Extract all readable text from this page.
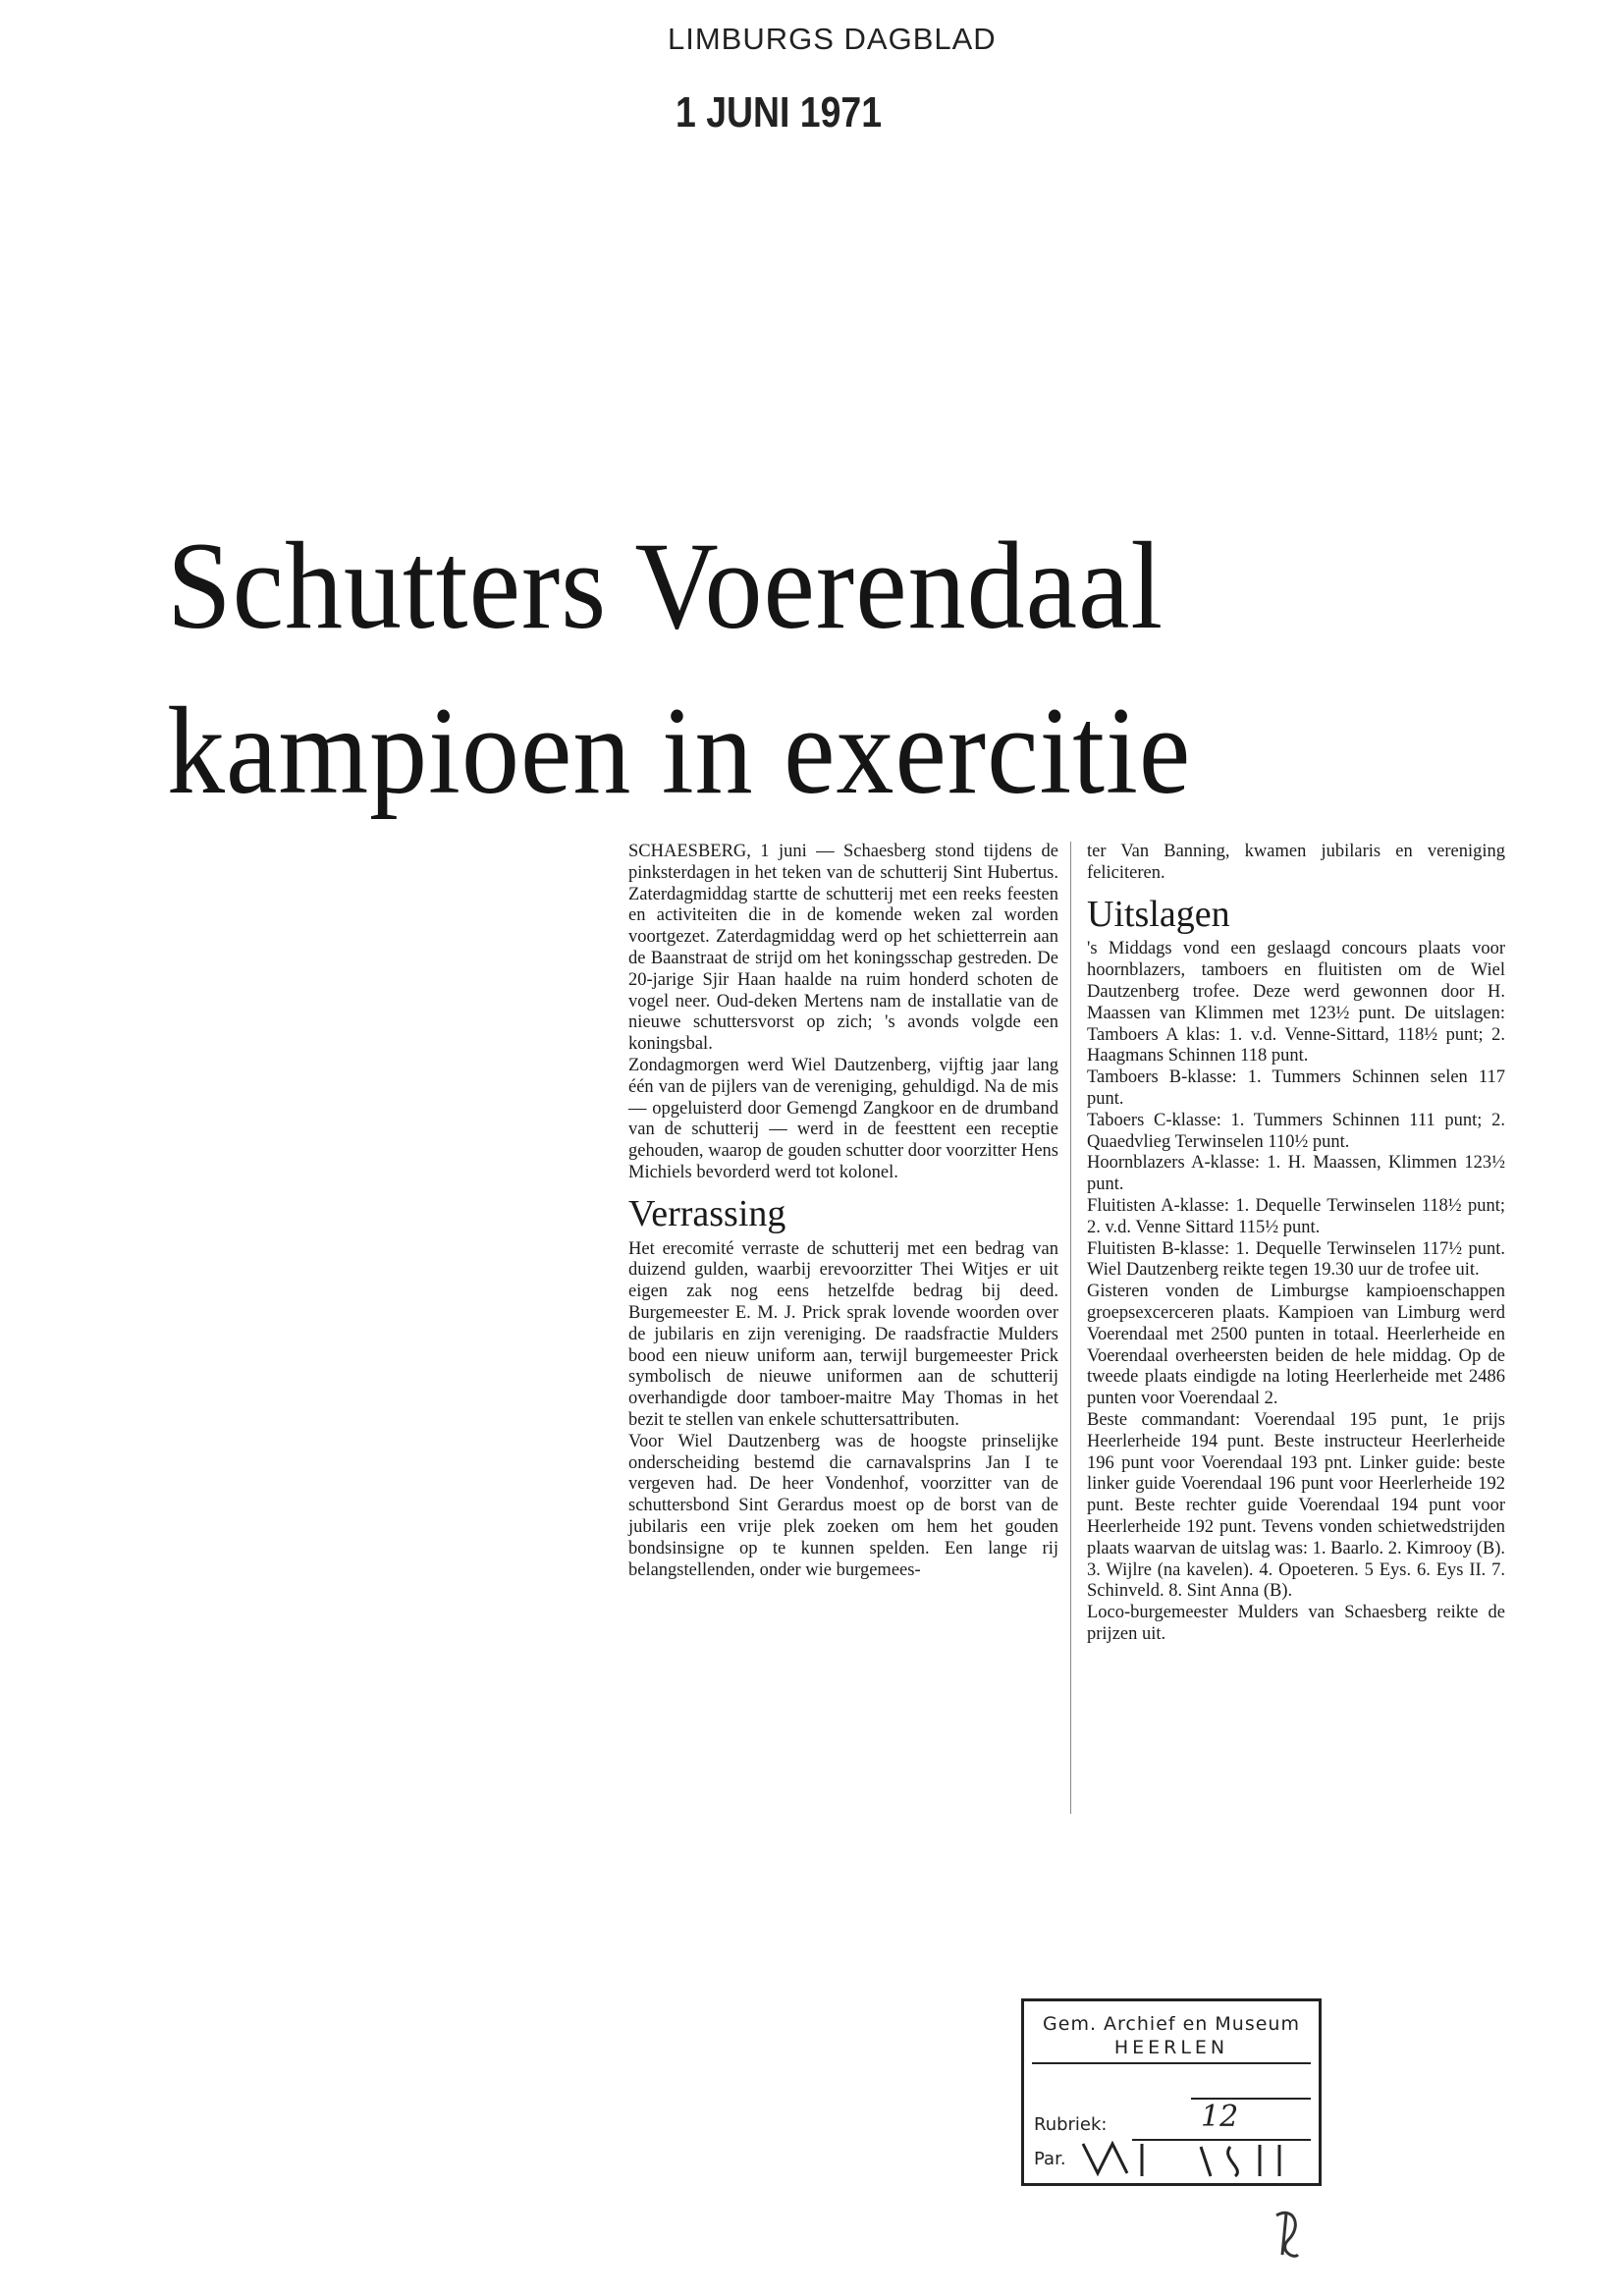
LIMBURGS DAGBLAD
1 JUNI 1971
Schutters Voerendaal
kampioen in exercitie

SCHAESBERG, 1 juni — Schaesberg stond tijdens de pinksterdagen in het teken van de schutterij Sint Hubertus. Zaterdagmiddag startte de schutterij met een reeks feesten en activiteiten die in de komende weken zal worden voortgezet. Zaterdagmiddag werd op het schietterrein aan de Baanstraat de strijd om het koningsschap gestreden. De 20-jarige Sjir Haan haalde na ruim honderd schoten de vogel neer. Oud-deken Mertens nam de installatie van de nieuwe schuttersvorst op zich; 's avonds volgde een koningsbal.

Zondagmorgen werd Wiel Dautzenberg, vijftig jaar lang één van de pijlers van de vereniging, gehuldigd. Na de mis — opgeluisterd door Gemengd Zangkoor en de drumband van de schutterij — werd in de feesttent een receptie gehouden, waarop de gouden schutter door voorzitter Hens Michiels bevorderd werd tot kolonel.

Verrassing

Het erecomité verraste de schutterij met een bedrag van duizend gulden, waarbij erevoorzitter Thei Witjes er uit eigen zak nog eens hetzelfde bedrag bij deed. Burgemeester E. M. J. Prick sprak lovende woorden over de jubilaris en zijn vereniging. De raadsfractie Mulders bood een nieuw uniform aan, terwijl burgemeester Prick symbolisch de nieuwe uniformen aan de schutterij overhandigde door tamboer-maitre May Thomas in het bezit te stellen van enkele schuttersattributen.

Voor Wiel Dautzenberg was de hoogste prinselijke onderscheiding bestemd die carnavalsprins Jan I te vergeven had. De heer Vondenhof, voorzitter van de schuttersbond Sint Gerardus moest op de borst van de jubilaris een vrije plek zoeken om hem het gouden bondsinsigne op te kunnen spelden. Een lange rij belangstellenden, onder wie burgemees-

ter Van Banning, kwamen jubilaris en vereniging feliciteren.

Uitslagen

's Middags vond een geslaagd concours plaats voor hoornblazers, tamboers en fluitisten om de Wiel Dautzenberg trofee. Deze werd gewonnen door H. Maassen van Klimmen met 123½ punt. De uitslagen: Tamboers A klas: 1. v.d. Venne-Sittard, 118½ punt; 2. Haagmans Schinnen 118 punt.

Tamboers B-klasse: 1. Tummers Schinnen selen 117 punt.

Taboers C-klasse: 1. Tummers Schinnen 111 punt; 2. Quaedvlieg Terwinselen 110½ punt.

Hoornblazers A-klasse: 1. H. Maassen, Klimmen 123½ punt.

Fluitisten A-klasse: 1. Dequelle Terwinselen 118½ punt; 2. v.d. Venne Sittard 115½ punt.

Fluitisten B-klasse: 1. Dequelle Terwinselen 117½ punt. Wiel Dautzenberg reikte tegen 19.30 uur de trofee uit.

Gisteren vonden de Limburgse kampioenschappen groepsexcerceren plaats. Kampioen van Limburg werd Voerendaal met 2500 punten in totaal. Heerlerheide en Voerendaal overheersten beiden de hele middag. Op de tweede plaats eindigde na loting Heerlerheide met 2486 punten voor Voerendaal 2.

Beste commandant: Voerendaal 195 punt, 1e prijs Heerlerheide 194 punt. Beste instructeur Heerlerheide 196 punt voor Voerendaal 193 pnt. Linker guide: beste linker guide Voerendaal 196 punt voor Heerlerheide 192 punt. Beste rechter guide Voerendaal 194 punt voor Heerlerheide 192 punt. Tevens vonden schietwedstrijden plaats waarvan de uitslag was: 1. Baarlo. 2. Kimrooy (B). 3. Wijlre (na kavelen). 4. Opoeteren. 5 Eys. 6. Eys II. 7. Schinveld. 8. Sint Anna (B).

Loco-burgemeester Mulders van Schaesberg reikte de prijzen uit.

Gem. Archief en Museum
HEERLEN
Rubriek:	12
Par.
